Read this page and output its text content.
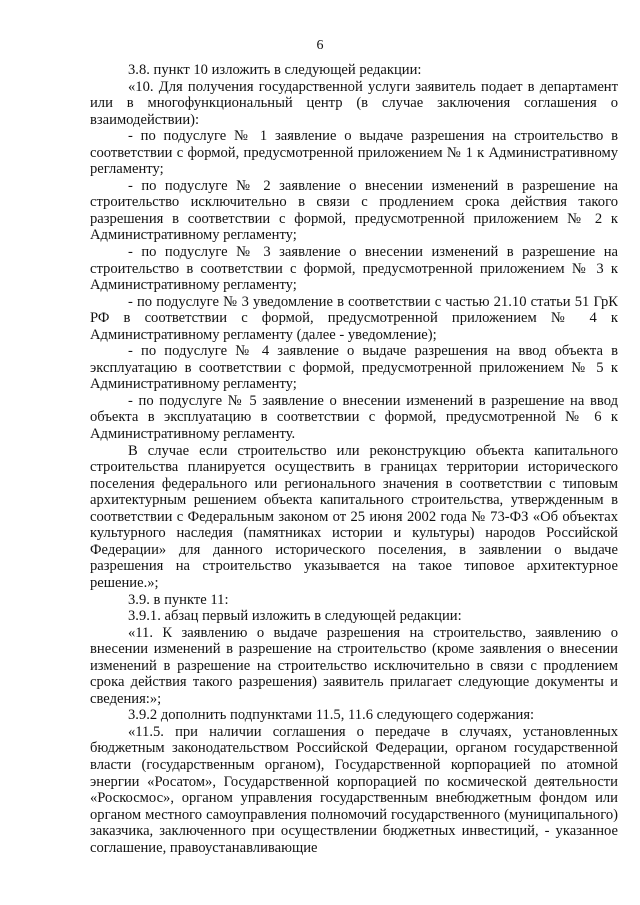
6

3.8. пункт 10 изложить в следующей редакции:

«10. Для получения государственной услуги заявитель подает в департамент или в многофункциональный центр (в случае заключения соглашения о взаимодействии):

- по подуслуге № 1 заявление о выдаче разрешения на строительство в соответствии с формой, предусмотренной приложением № 1 к Административному регламенту;

- по подуслуге № 2 заявление о внесении изменений в разрешение на строительство исключительно в связи с продлением срока действия такого разрешения в соответствии с формой, предусмотренной приложением № 2 к Административному регламенту;

- по подуслуге № 3 заявление о внесении изменений в разрешение на строительство в соответствии с формой, предусмотренной приложением № 3 к Административному регламенту;

- по подуслуге № 3 уведомление в соответствии с частью 21.10 статьи 51 ГрК РФ в соответствии с формой, предусмотренной приложением № 4 к Административному регламенту (далее - уведомление);

- по подуслуге № 4 заявление о выдаче разрешения на ввод объекта в эксплуатацию в соответствии с формой, предусмотренной приложением № 5 к Административному регламенту;

- по подуслуге № 5 заявление о внесении изменений в разрешение на ввод объекта в эксплуатацию в соответствии с формой, предусмотренной № 6 к Административному регламенту.

В случае если строительство или реконструкцию объекта капитального строительства планируется осуществить в границах территории исторического поселения федерального или регионального значения в соответствии с типовым архитектурным решением объекта капитального строительства, утвержденным в соответствии с Федеральным законом от 25 июня 2002 года № 73-ФЗ «Об объектах культурного наследия (памятниках истории и культуры) народов Российской Федерации» для данного исторического поселения, в заявлении о выдаче разрешения на строительство указывается на такое типовое архитектурное решение.»;

3.9. в пункте 11:

3.9.1. абзац первый изложить в следующей редакции:

«11. К заявлению о выдаче разрешения на строительство, заявлению о внесении изменений в разрешение на строительство (кроме заявления о внесении изменений в разрешение на строительство исключительно в связи с продлением срока действия такого разрешения) заявитель прилагает следующие документы и сведения:»;

3.9.2 дополнить подпунктами 11.5, 11.6 следующего содержания:

«11.5. при наличии соглашения о передаче в случаях, установленных бюджетным законодательством Российской Федерации, органом государственной власти (государственным органом), Государственной корпорацией по атомной энергии «Росатом», Государственной корпорацией по космической деятельности «Роскосмос», органом управления государственным внебюджетным фондом или органом местного самоуправления полномочий государственного (муниципального) заказчика, заключенного при осуществлении бюджетных инвестиций, - указанное соглашение, правоустанавливающие
